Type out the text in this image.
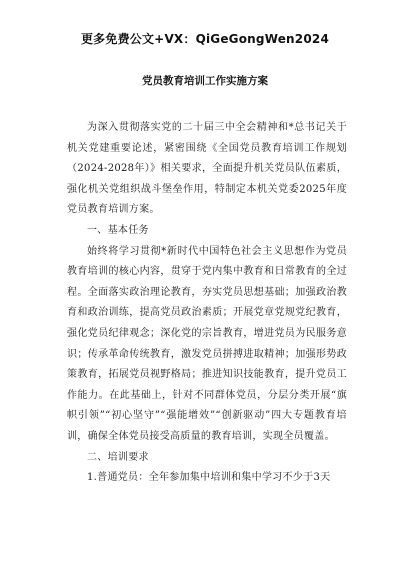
更多免费公文+VX：QiGeGongWen2024
党员教育培训工作实施方案

为深入贯彻落实党的二十届三中全会精神和*总书记关于机关党建重要论述，紧密围绕《全国党员教育培训工作规划（2024-2028年）》相关要求，全面提升机关党员队伍素质，强化机关党组织战斗堡垒作用，特制定本机关党委2025年度党员教育培训方案。

一、基本任务

始终将学习贯彻*新时代中国特色社会主义思想作为党员教育培训的核心内容，贯穿于党内集中教育和日常教育的全过程。全面落实政治理论教育，夯实党员思想基础；加强政治教育和政治训练，提高党员政治素质；开展党章党规党纪教育，强化党员纪律观念；深化党的宗旨教育，增进党员为民服务意识；传承革命传统教育，激发党员拼搏进取精神；加强形势政策教育，拓展党员视野格局；推进知识技能教育，提升党员工作能力。在此基础上，针对不同群体党员，分层分类开展“旗帜引领”“初心坚守”“强能增效”“创新驱动”四大专题教育培训，确保全体党员接受高质量的教育培训，实现全员覆盖。

二、培训要求

1.普通党员：全年参加集中培训和集中学习不少于3天
